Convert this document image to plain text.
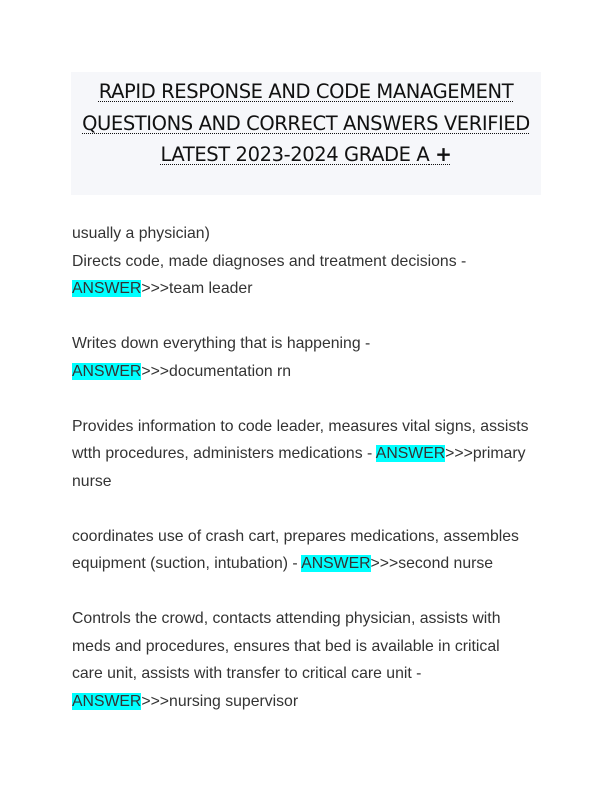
RAPID RESPONSE AND CODE MANAGEMENT
QUESTIONS AND CORRECT ANSWERS VERIFIED
LATEST 2023-2024 GRADE A +

usually a physician)

Directs code, made diagnoses and treatment decisions -

ANSWER>>>team leader

Writes down everything that is happening -

ANSWER>>>documentation rn

Provides information to code leader, measures vital signs, assists

wtth procedures, administers medications - ANSWER>>>primary

nurse

coordinates use of crash cart, prepares medications, assembles

equipment (suction, intubation) - ANSWER>>>second nurse

Controls the crowd, contacts attending physician, assists with

meds and procedures, ensures that bed is available in critical

care unit, assists with transfer to critical care unit -

ANSWER>>>nursing supervisor
